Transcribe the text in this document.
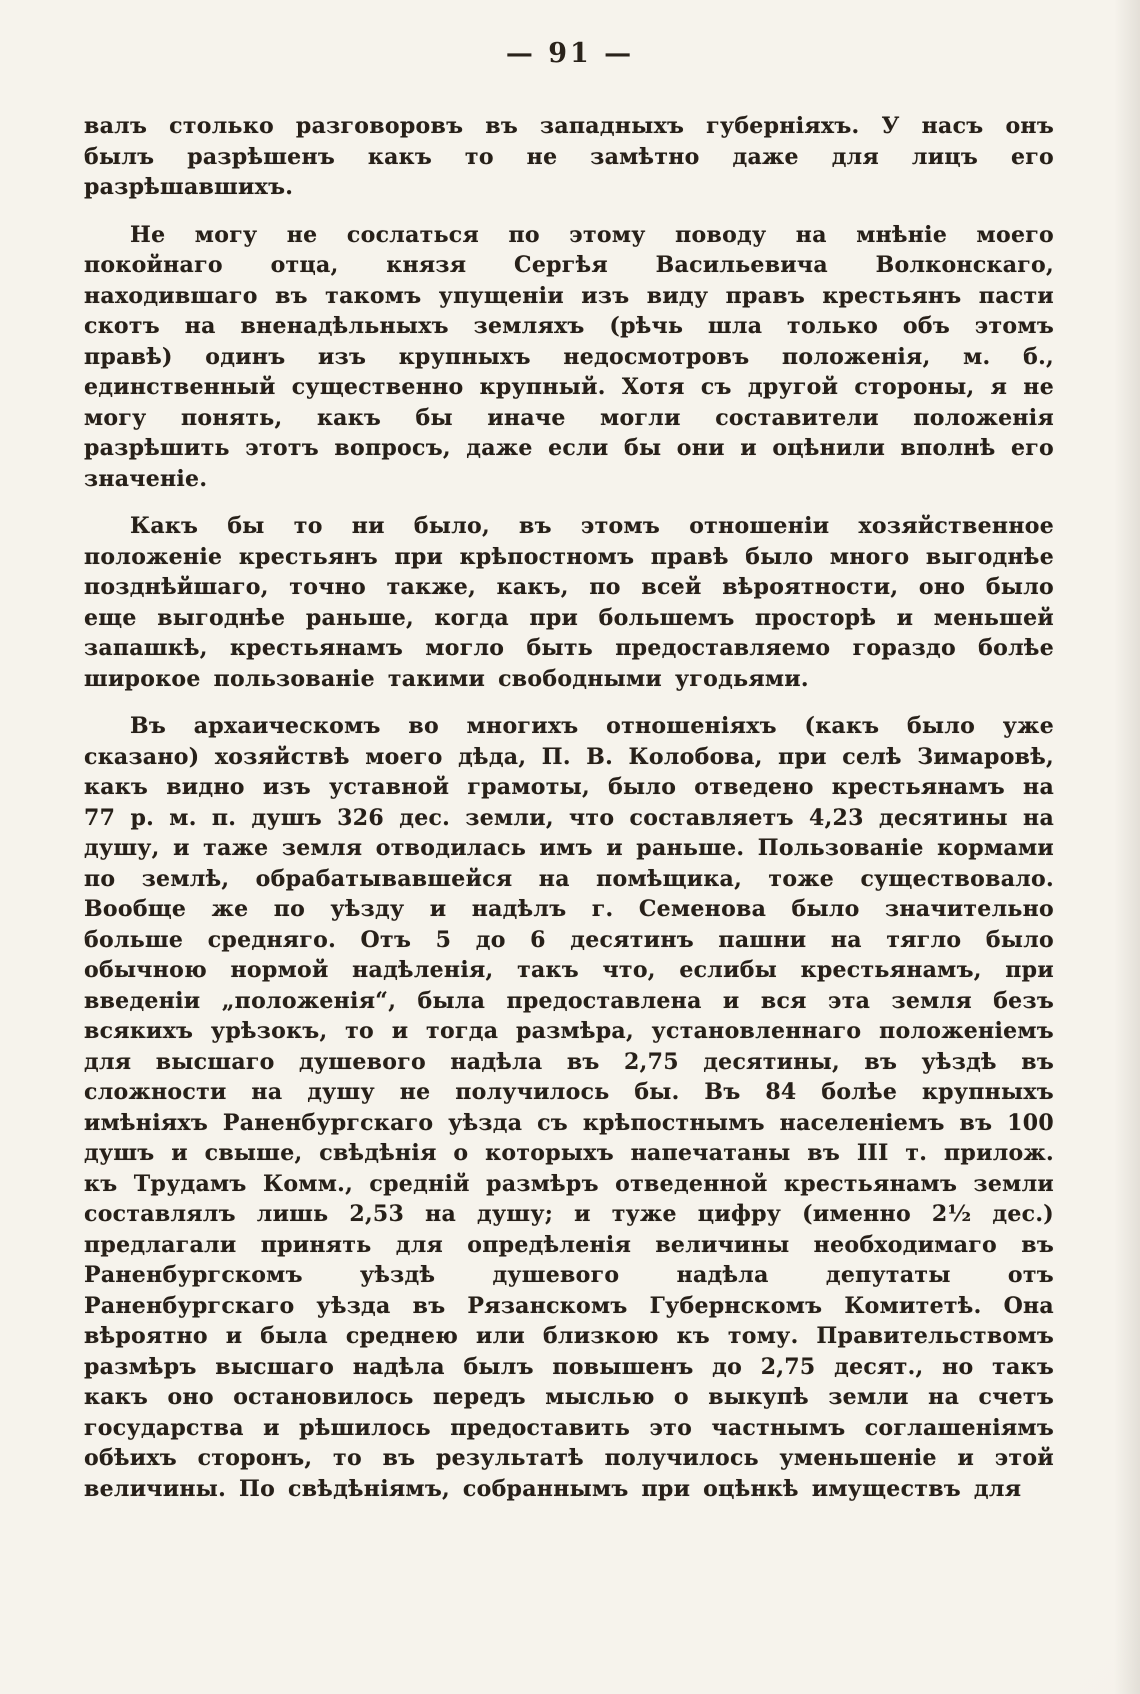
— 91 —

валъ столько разговоровъ въ западныхъ губерніяхъ. У насъ онъ былъ разрѣшенъ какъ то не замѣтно даже для лицъ его разрѣшавшихъ.

Не могу не сослаться по этому поводу на мнѣніе моего покойнаго отца, князя Сергѣя Васильевича Волконскаго, находившаго въ такомъ упущеніи изъ виду правъ крестьянъ пасти скотъ на вненадѣльныхъ земляхъ (рѣчь шла только объ этомъ правѣ) одинъ изъ крупныхъ недосмотровъ положенія, м. б., единственный существенно крупный. Хотя съ другой стороны, я не могу понять, какъ бы иначе могли составители положенія разрѣшить этотъ вопросъ, даже если бы они и оцѣнили вполнѣ его значеніе.

Какъ бы то ни было, въ этомъ отношеніи хозяйственное положеніе крестьянъ при крѣпостномъ правѣ было много выгоднѣе позднѣйшаго, точно также, какъ, по всей вѣроятности, оно было еще выгоднѣе раньше, когда при большемъ просторѣ и меньшей запашкѣ, крестьянамъ могло быть предоставляемо гораздо болѣе широкое пользованіе такими свободными угодьями.

Въ архаическомъ во многихъ отношеніяхъ (какъ было уже сказано) хозяйствѣ моего дѣда, П. В. Колобова, при селѣ Зимаровѣ, какъ видно изъ уставной грамоты, было отведено крестьянамъ на 77 р. м. п. душъ 326 дес. земли, что составляетъ 4,23 десятины на душу, и таже земля отводилась имъ и раньше. Пользованіе кормами по землѣ, обрабатывавшейся на помѣщика, тоже существовало. Вообще же по уѣзду и надѣлъ г. Семенова было значительно больше средняго. Отъ 5 до 6 десятинъ пашни на тягло было обычною нормой надѣленія, такъ что, еслибы крестьянамъ, при введеніи „положенія“, была предоставлена и вся эта земля безъ всякихъ урѣзокъ, то и тогда размѣра, установленнаго положеніемъ для высшаго душевого надѣла въ 2,75 десятины, въ уѣздѣ въ сложности на душу не получилось бы. Въ 84 болѣе крупныхъ имѣніяхъ Раненбургскаго уѣзда съ крѣпостнымъ населеніемъ въ 100 душъ и свыше, свѣдѣнія о которыхъ напечатаны въ III т. прилож. къ Трудамъ Комм., средній размѣръ отведенной крестьянамъ земли составлялъ лишь 2,53 на душу; и туже цифру (именно 2¹⁄₂ дес.) предлагали принять для опредѣленія величины необходимаго въ Раненбургскомъ уѣздѣ душевого надѣла депутаты отъ Раненбургскаго уѣзда въ Рязанскомъ Губернскомъ Комитетѣ. Она вѣроятно и была среднею или близкою къ тому. Правительствомъ размѣръ высшаго надѣла былъ повышенъ до 2,75 десят., но такъ какъ оно остановилось передъ мыслью о выкупѣ земли на счетъ государства и рѣшилось предоставить это частнымъ соглашеніямъ обѣихъ сторонъ, то въ результатѣ получилось уменьшеніе и этой величины. По свѣдѣніямъ, собраннымъ при оцѣнкѣ имуществъ для
